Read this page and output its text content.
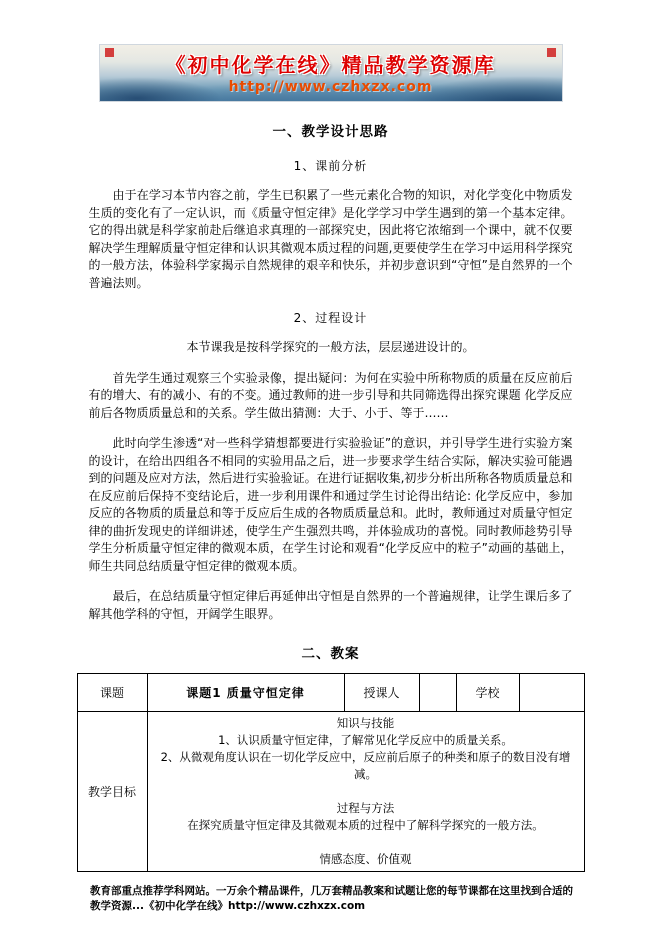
《初中化学在线》精品教学资源库
http://www.czhxzx.com
一、教学设计思路
1、课前分析

由于在学习本节内容之前，学生已积累了一些元素化合物的知识，对化学变化中物质发生质的变化有了一定认识，而《质量守恒定律》是化学学习中学生遇到的第一个基本定律。它的得出就是科学家前赴后继追求真理的一部探究史，因此将它浓缩到一个课中，就不仅要解决学生理解质量守恒定律和认识其微观本质过程的问题,更要使学生在学习中运用科学探究的一般方法，体验科学家揭示自然规律的艰辛和快乐，并初步意识到“守恒”是自然界的一个普遍法则。

2、过程设计

本节课我是按科学探究的一般方法，层层递进设计的。

首先学生通过观察三个实验录像，提出疑问：为何在实验中所称物质的质量在反应前后有的增大、有的减小、有的不变。通过教师的进一步引导和共同筛选得出探究课题 化学反应前后各物质质量总和的关系。学生做出猜测：大于、小于、等于……

此时向学生渗透“对一些科学猜想都要进行实验验证”的意识，并引导学生进行实验方案的设计，在给出四组各不相同的实验用品之后，进一步要求学生结合实际，解决实验可能遇到的问题及应对方法，然后进行实验验证。在进行证据收集,初步分析出所称各物质质量总和在反应前后保持不变结论后，进一步利用课件和通过学生讨论得出结论: 化学反应中，参加反应的各物质的质量总和等于反应后生成的各物质质量总和。此时，教师通过对质量守恒定律的曲折发现史的详细讲述，使学生产生强烈共鸣，并体验成功的喜悦。同时教师趁势引导学生分析质量守恒定律的微观本质，在学生讨论和观看“化学反应中的粒子”动画的基础上，师生共同总结质量守恒定律的微观本质。

最后，在总结质量守恒定律后再延伸出守恒是自然界的一个普遍规律，让学生课后多了解其他学科的守恒，开阔学生眼界。

二、教案
课题	课题1 质量守恒定律	授课人		学校	
教学目标	
知识与技能
1、认识质量守恒定律，了解常见化学反应中的质量关系。
2、从微观角度认识在一切化学反应中，反应前后原子的种类和原子的数目没有增减。
过程与方法
在探究质量守恒定律及其微观本质的过程中了解科学探究的一般方法。
情感态度、价值观
教育部重点推荐学科网站。一万余个精品课件，几万套精品教案和试题让您的每节课都在这里找到合适的
教学资源...《初中化学在线》http://www.czhxzx.com
